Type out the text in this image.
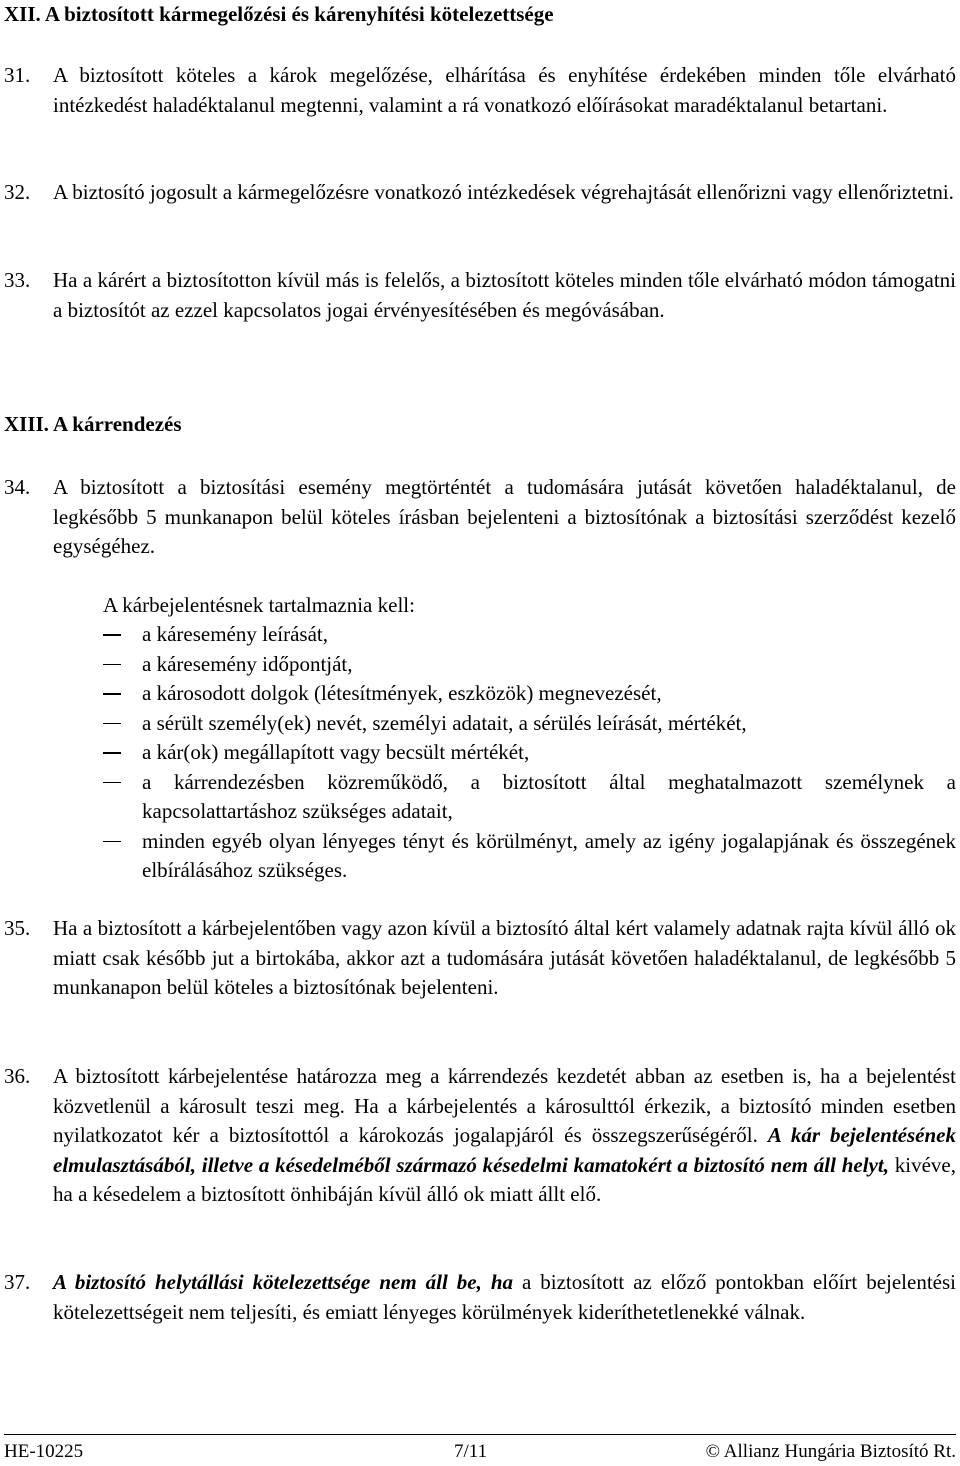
XII. A biztosított kármegelőzési és kárenyhítési kötelezettsége

31. A biztosított köteles a károk megelőzése, elhárítása és enyhítése érdekében minden tőle elvárható intézkedést haladéktalanul megtenni, valamint a rá vonatkozó előírásokat maradéktalanul betartani.

32. A biztosító jogosult a kármegelőzésre vonatkozó intézkedések végrehajtását ellenőrizni vagy ellenőriztetni.

33. Ha a kárért a biztosítotton kívül más is felelős, a biztosított köteles minden tőle elvárható módon támogatni a biztosítót az ezzel kapcsolatos jogai érvényesítésében és megóvásában.

XIII. A kárrendezés

34. A biztosított a biztosítási esemény megtörténtét a tudomására jutását követően haladéktalanul, de legkésőbb 5 munkanapon belül köteles írásban bejelenteni a biztosítónak a biztosítási szerződést kezelő egységéhez.

A kárbejelentésnek tartalmaznia kell:
a káresemény leírását,
a káresemény időpontját,
a károsodott dolgok (létesítmények, eszközök) megnevezését,
a sérült személy(ek) nevét, személyi adatait, a sérülés leírását, mértékét,
a kár(ok) megállapított vagy becsült mértékét,
a kárrendezésben közreműködő, a biztosított által meghatalmazott személynek a kapcsolattartáshoz szükséges adatait,
minden egyéb olyan lényeges tényt és körülményt, amely az igény jogalapjának és összegének elbírálásához szükséges.

35. Ha a biztosított a kárbejelentőben vagy azon kívül a biztosító által kért valamely adatnak rajta kívül álló ok miatt csak később jut a birtokába, akkor azt a tudomására jutását követően haladéktalanul, de legkésőbb 5 munkanapon belül köteles a biztosítónak bejelenteni.

36. A biztosított kárbejelentése határozza meg a kárrendezés kezdetét abban az esetben is, ha a bejelentést közvetlenül a károsult teszi meg. Ha a kárbejelentés a károsulttól érkezik, a biztosító minden esetben nyilatkozatot kér a biztosítottól a károkozás jogalapjáról és összegszerűségéről. A kár bejelentésének elmulasztásából, illetve a késedelméből származó késedelmi kamatokért a biztosító nem áll helyt, kivéve, ha a késedelem a biztosított önhibáján kívül álló ok miatt állt elő.

37. A biztosító helytállási kötelezettsége nem áll be, ha a biztosított az előző pontokban előírt bejelentési kötelezettségeit nem teljesíti, és emiatt lényeges körülmények kideríthetetlenekké válnak.

HE-10225	7/11	© Allianz Hungária Biztosító Rt.
